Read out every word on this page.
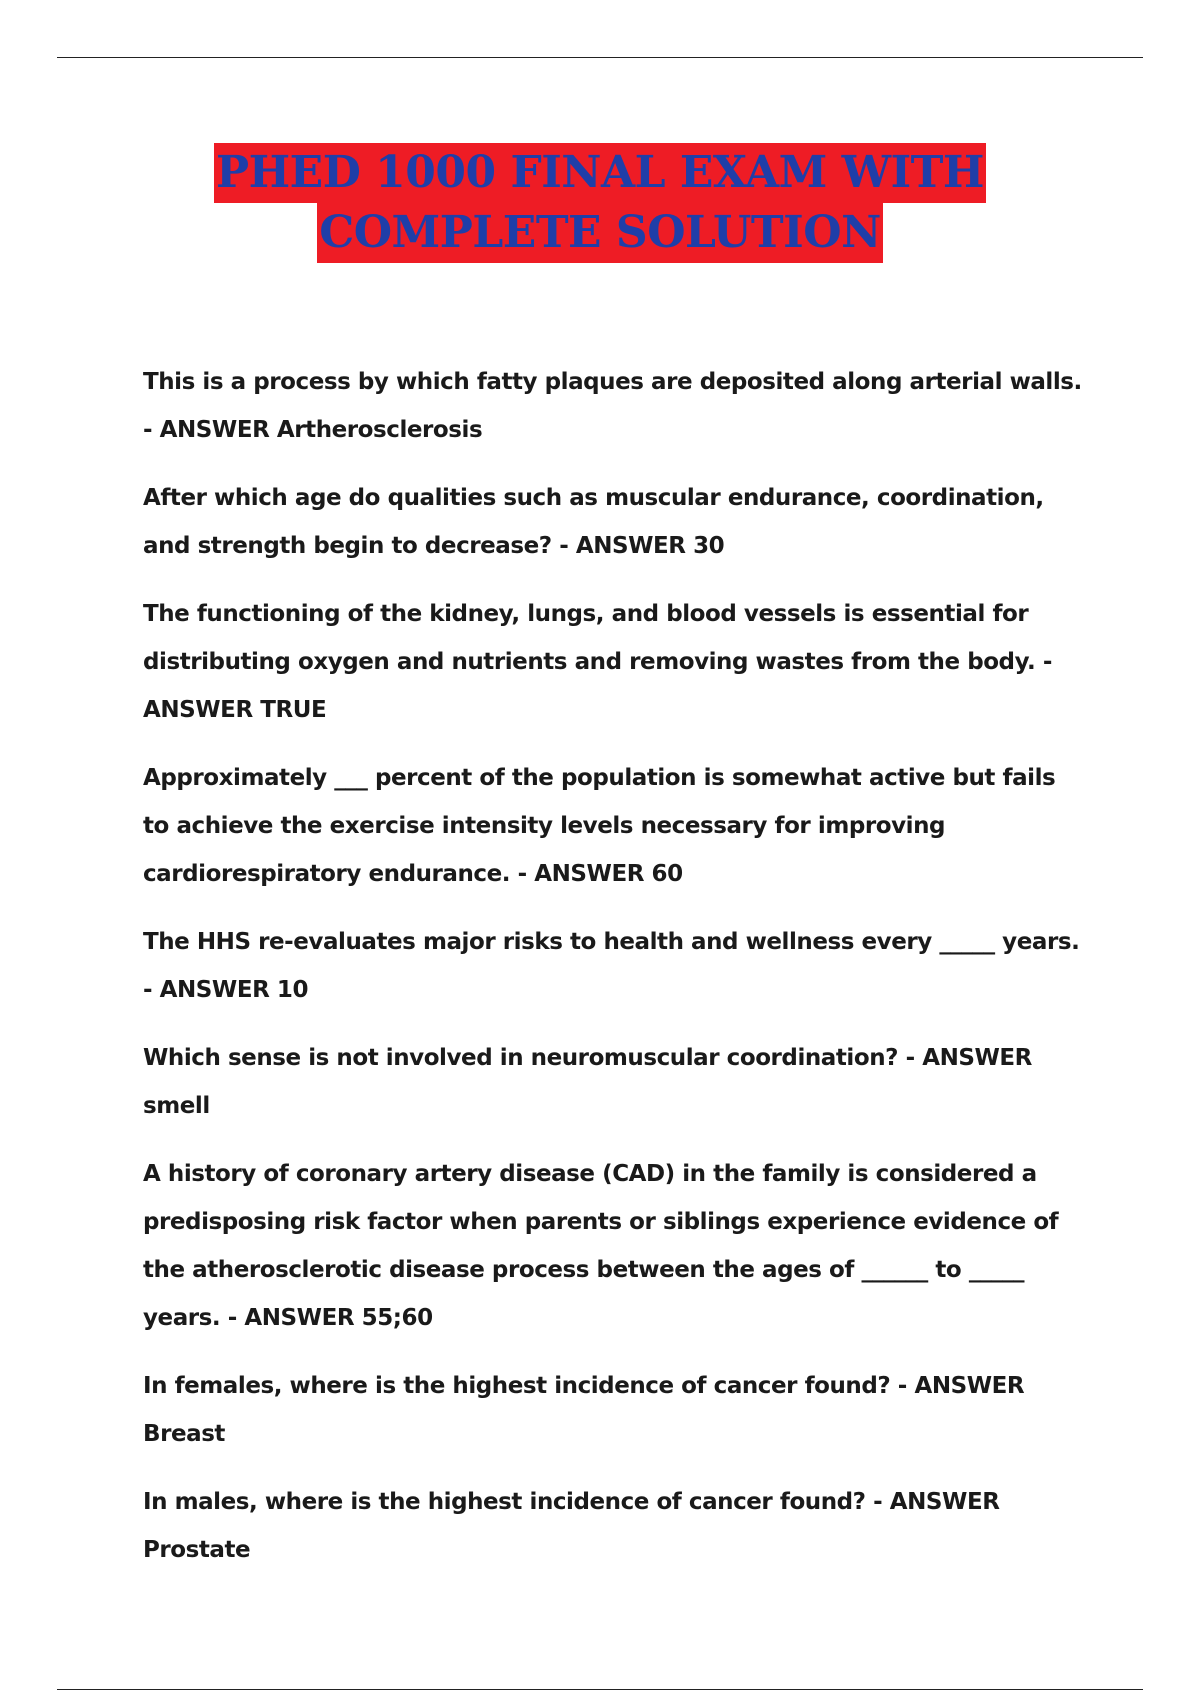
PHED 1000 FINAL EXAM WITH
COMPLETE SOLUTION

This is a process by which fatty plaques are deposited along arterial walls. - ANSWER Artherosclerosis

After which age do qualities such as muscular endurance, coordination, and strength begin to decrease? - ANSWER 30

The functioning of the kidney, lungs, and blood vessels is essential for distributing oxygen and nutrients and removing wastes from the body. - ANSWER TRUE

Approximately ___ percent of the population is somewhat active but fails to achieve the exercise intensity levels necessary for improving cardiorespiratory endurance. - ANSWER 60

The HHS re-evaluates major risks to health and wellness every _____ years. - ANSWER 10

Which sense is not involved in neuromuscular coordination? - ANSWER smell

A history of coronary artery disease (CAD) in the family is considered a predisposing risk factor when parents or siblings experience evidence of the atherosclerotic disease process between the ages of ______ to _____ years. - ANSWER 55;60

In females, where is the highest incidence of cancer found? - ANSWER Breast

In males, where is the highest incidence of cancer found? - ANSWER Prostate
